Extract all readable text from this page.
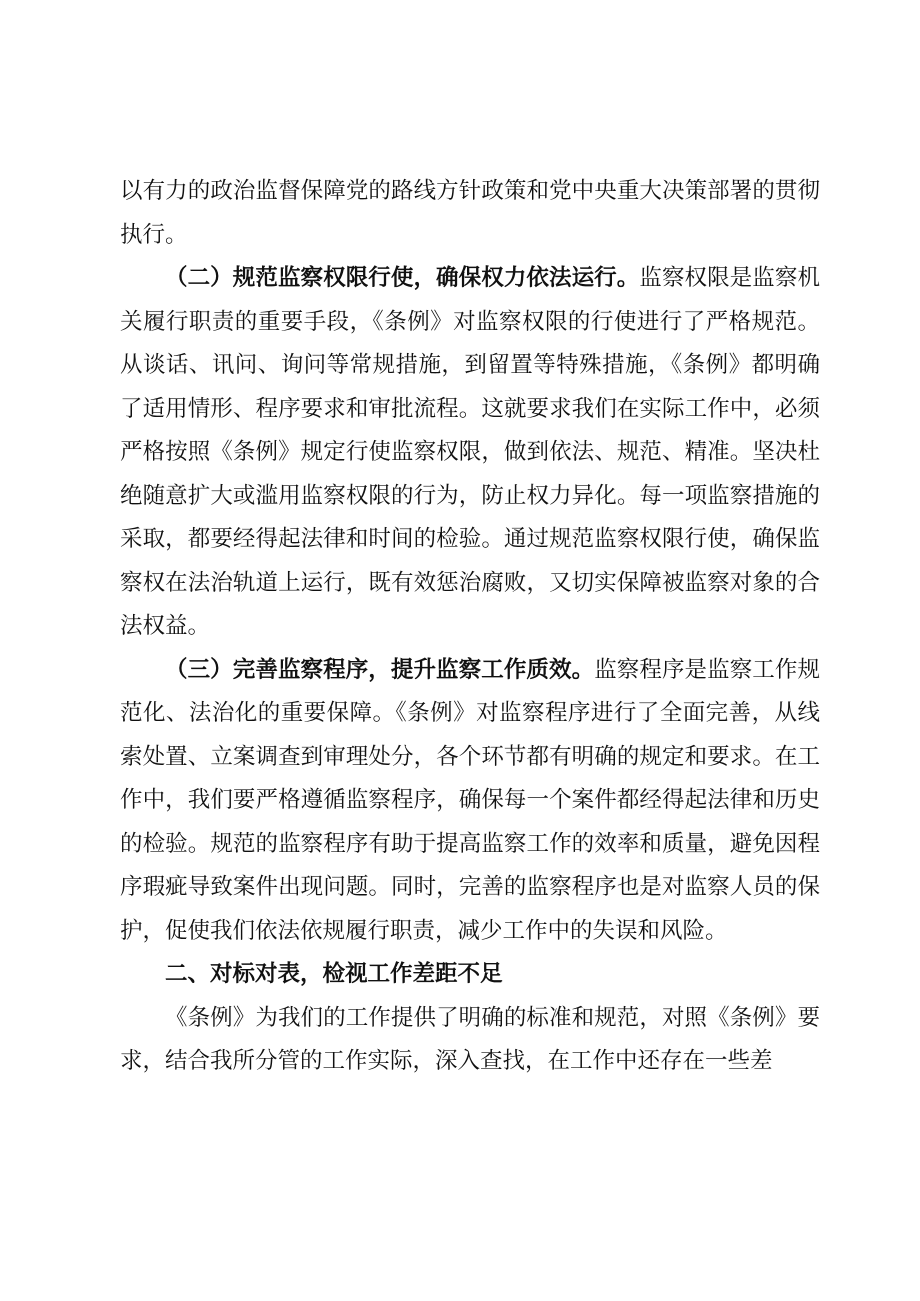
以有力的政治监督保障党的路线方针政策和党中央重大决策部署的贯彻执行。

（二）规范监察权限行使，确保权力依法运行。监察权限是监察机关履行职责的重要手段，《条例》对监察权限的行使进行了严格规范。从谈话、讯问、询问等常规措施，到留置等特殊措施，《条例》都明确了适用情形、程序要求和审批流程。这就要求我们在实际工作中，必须严格按照《条例》规定行使监察权限，做到依法、规范、精准。坚决杜绝随意扩大或滥用监察权限的行为，防止权力异化。每一项监察措施的采取，都要经得起法律和时间的检验。通过规范监察权限行使，确保监察权在法治轨道上运行，既有效惩治腐败，又切实保障被监察对象的合法权益。

（三）完善监察程序，提升监察工作质效。监察程序是监察工作规范化、法治化的重要保障。《条例》对监察程序进行了全面完善，从线索处置、立案调查到审理处分，各个环节都有明确的规定和要求。在工作中，我们要严格遵循监察程序，确保每一个案件都经得起法律和历史的检验。规范的监察程序有助于提高监察工作的效率和质量，避免因程序瑕疵导致案件出现问题。同时，完善的监察程序也是对监察人员的保护，促使我们依法依规履行职责，减少工作中的失误和风险。

二、对标对表，检视工作差距不足

《条例》为我们的工作提供了明确的标准和规范，对照《条例》要求，结合我所分管的工作实际，深入查找，在工作中还存在一些差
